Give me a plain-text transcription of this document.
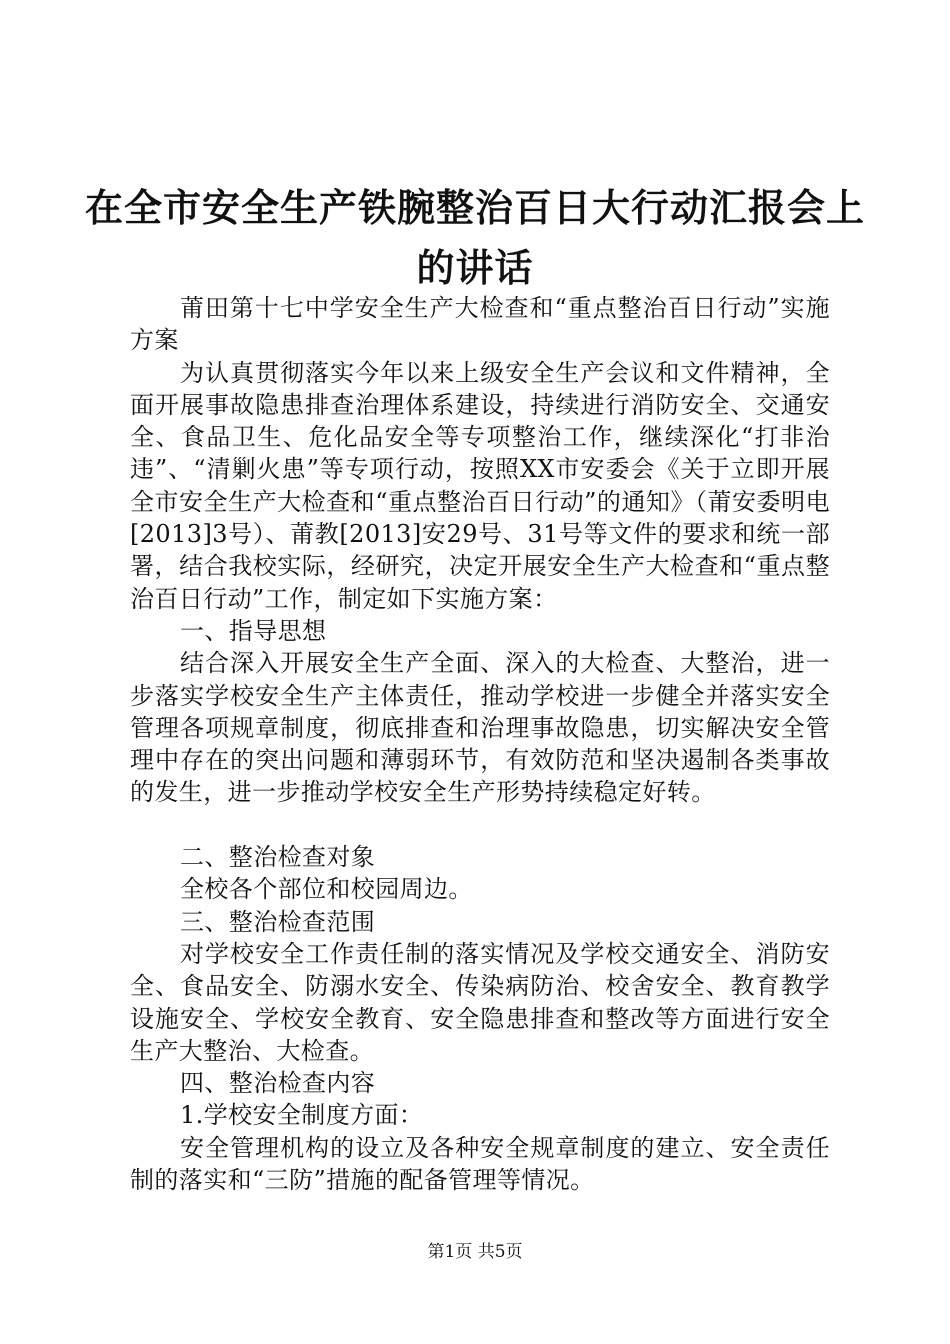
在全市安全生产铁腕整治百日大行动汇报会上
的讲话

莆田第十七中学安全生产大检查和“重点整治百日行动”实施方案

为认真贯彻落实今年以来上级安全生产会议和文件精神，全面开展事故隐患排查治理体系建设，持续进行消防安全、交通安全、食品卫生、危化品安全等专项整治工作，继续深化“打非治违”、“清剿火患”等专项行动，按照XX市安委会《关于立即开展全市安全生产大检查和“重点整治百日行动”的通知》（莆安委明电[2013]3号）、莆教[2013]安29号、31号等文件的要求和统一部署，结合我校实际，经研究，决定开展安全生产大检查和“重点整治百日行动”工作，制定如下实施方案：

一、指导思想

结合深入开展安全生产全面、深入的大检查、大整治，进一步落实学校安全生产主体责任，推动学校进一步健全并落实安全管理各项规章制度，彻底排查和治理事故隐患，切实解决安全管理中存在的突出问题和薄弱环节，有效防范和坚决遏制各类事故的发生，进一步推动学校安全生产形势持续稳定好转。

二、整治检查对象

全校各个部位和校园周边。

三、整治检查范围

对学校安全工作责任制的落实情况及学校交通安全、消防安全、食品安全、防溺水安全、传染病防治、校舍安全、教育教学设施安全、学校安全教育、安全隐患排查和整改等方面进行安全生产大整治、大检查。

四、整治检查内容

1.学校安全制度方面：

安全管理机构的设立及各种安全规章制度的建立、安全责任制的落实和“三防”措施的配备管理等情况。

第1页 共5页
